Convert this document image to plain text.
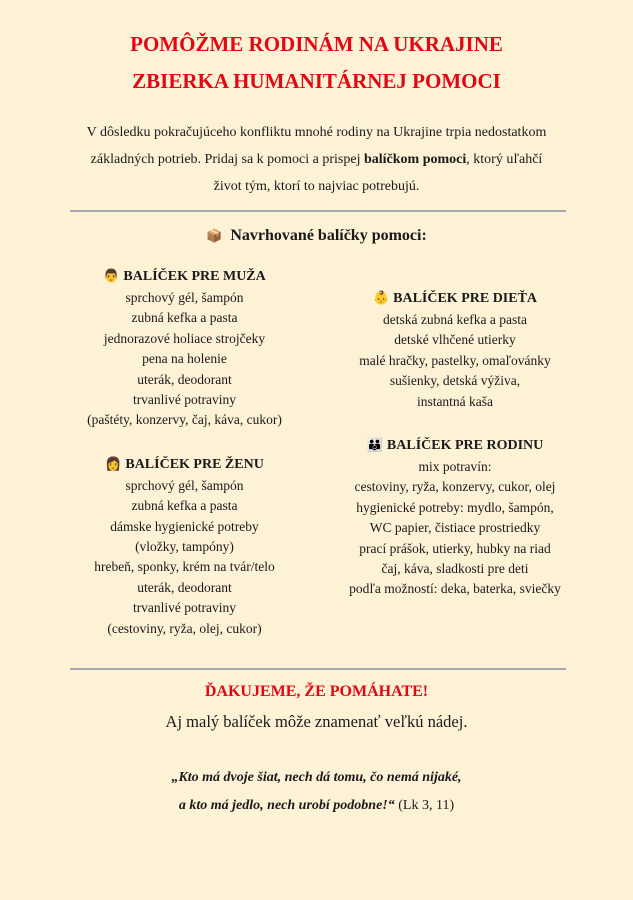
POMÔŽME RODINÁM NA UKRAJINE
ZBIERKA HUMANITÁRNEJ POMOCI
V dôsledku pokračujúceho konfliktu mnohé rodiny na Ukrajine trpia nedostatkom základných potrieb. Pridaj sa k pomoci a prispej balíčkom pomoci, ktorý uľahčí život tým, ktorí to najviac potrebujú.
📦 Navrhované balíčky pomoci:
👨 BALÍČEK PRE MUŽA
sprchový gél, šampón
zubná kefka a pasta
jednorazové holiace strojčeky
pena na holenie
uterák, deodorant
trvanlivé potraviny
(paštéty, konzervy, čaj, káva, cukor)
👩 BALÍČEK PRE ŽENU
sprchový gél, šampón
zubná kefka a pasta
dámske hygienické potreby
(vložky, tampóny)
hrebeň, sponky, krém na tvár/telo
uterák, deodorant
trvanlivé potraviny
(cestoviny, ryža, olej, cukor)
👶 BALÍČEK PRE DIEŤA
detská zubná kefka a pasta
detské vlhčené utierky
malé hračky, pastelky, omaľovánky
sušienky, detská výživa,
instantná kaša
👪 BALÍČEK PRE RODINU
mix potravín:
cestoviny, ryža, konzervy, cukor, olej
hygienické potreby: mydlo, šampón,
WC papier, čistiace prostriedky
prací prášok, utierky, hubky na riad
čaj, káva, sladkosti pre deti
podľa možností: deka, baterka, sviečky
ĎAKUJEME, ŽE POMÁHATE!
Aj malý balíček môže znamenať veľkú nádej.
„Kto má dvoje šiat, nech dá tomu, čo nemá nijaké,
a kto má jedlo, nech urobí podobne!“ (Lk 3, 11)
